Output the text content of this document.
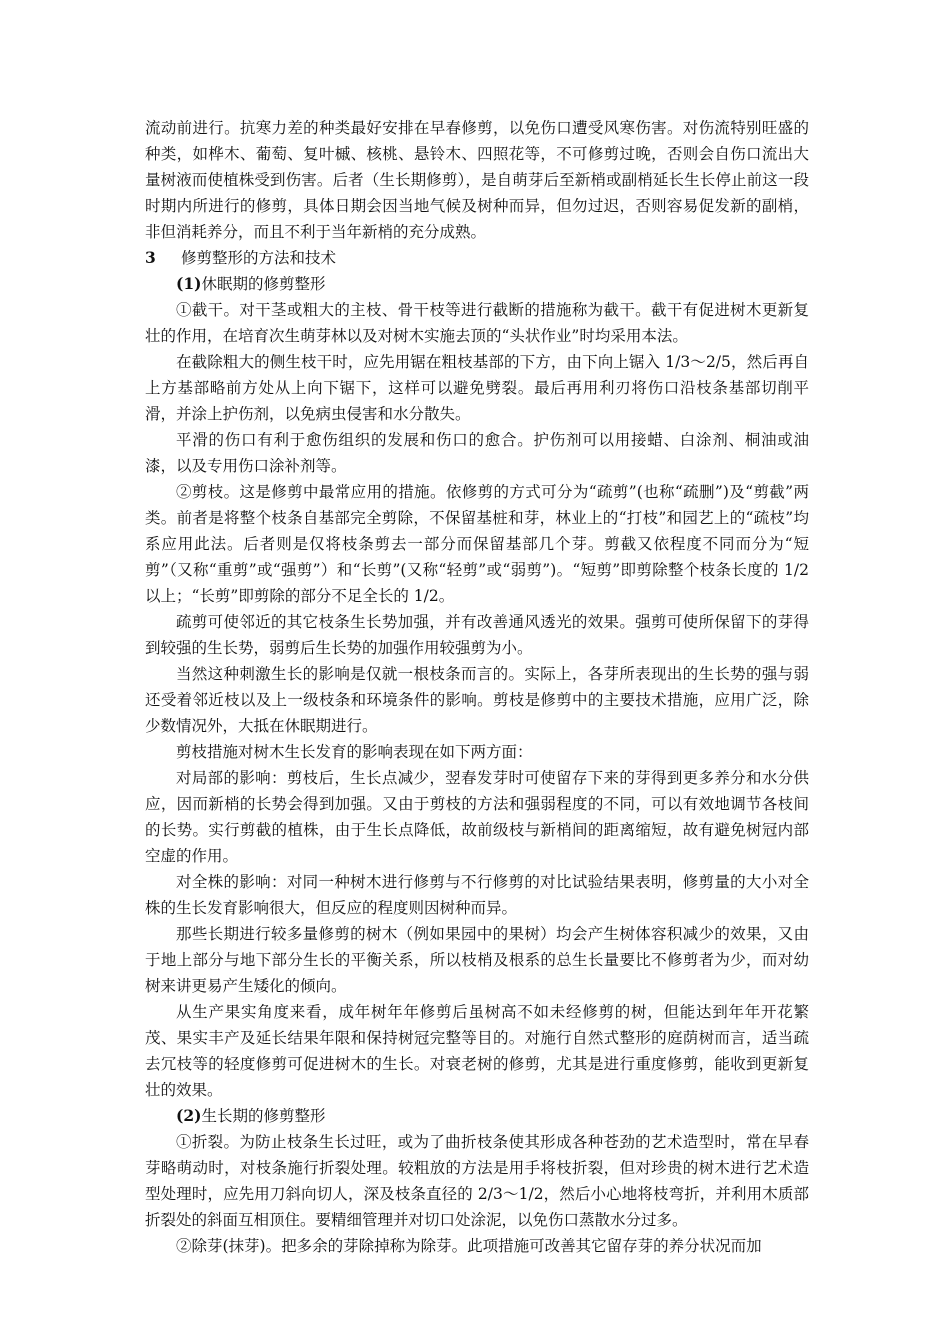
流动前进行。抗寒力差的种类最好安排在早春修剪，以免伤口遭受风寒伤害。对伤流特别旺盛的种类，如桦木、葡萄、复叶槭、核桃、悬铃木、四照花等，不可修剪过晚，否则会自伤口流出大量树液而使植株受到伤害。后者（生长期修剪），是自萌芽后至新梢或副梢延长生长停止前这一段时期内所进行的修剪，具体日期会因当地气候及树种而异，但勿过迟，否则容易促发新的副梢，非但消耗养分，而且不利于当年新梢的充分成熟。

3	修剪整形的方法和技术

(1)休眠期的修剪整形

①截干。对干茎或粗大的主枝、骨干枝等进行截断的措施称为截干。截干有促进树木更新复壮的作用，在培育次生萌芽林以及对树木实施去顶的“头状作业”时均采用本法。

在截除粗大的侧生枝干时，应先用锯在粗枝基部的下方，由下向上锯入 1/3～2/5，然后再自上方基部略前方处从上向下锯下，这样可以避免劈裂。最后再用利刃将伤口沿枝条基部切削平滑，并涂上护伤剂，以免病虫侵害和水分散失。

平滑的伤口有利于愈伤组织的发展和伤口的愈合。护伤剂可以用接蜡、白涂剂、桐油或油漆，以及专用伤口涂补剂等。

②剪枝。这是修剪中最常应用的措施。依修剪的方式可分为“疏剪”(也称“疏删”)及“剪截”两类。前者是将整个枝条自基部完全剪除，不保留基桩和芽，林业上的“打枝”和园艺上的“疏枝”均系应用此法。后者则是仅将枝条剪去一部分而保留基部几个芽。剪截又依程度不同而分为“短剪”（又称“重剪”或“强剪”）和“长剪”(又称“轻剪”或“弱剪”)。“短剪”即剪除整个枝条长度的 1/2 以上；“长剪”即剪除的部分不足全长的 1/2。

疏剪可使邻近的其它枝条生长势加强，并有改善通风透光的效果。强剪可使所保留下的芽得到较强的生长势，弱剪后生长势的加强作用较强剪为小。

当然这种刺激生长的影响是仅就一根枝条而言的。实际上，各芽所表现出的生长势的强与弱还受着邻近枝以及上一级枝条和环境条件的影响。剪枝是修剪中的主要技术措施，应用广泛，除少数情况外，大抵在休眠期进行。

剪枝措施对树木生长发育的影响表现在如下两方面：

对局部的影响：剪枝后，生长点减少，翌春发芽时可使留存下来的芽得到更多养分和水分供应，因而新梢的长势会得到加强。又由于剪枝的方法和强弱程度的不同，可以有效地调节各枝间的长势。实行剪截的植株，由于生长点降低，故前级枝与新梢间的距离缩短，故有避免树冠内部空虚的作用。

对全株的影响：对同一种树木进行修剪与不行修剪的对比试验结果表明，修剪量的大小对全株的生长发育影响很大，但反应的程度则因树种而异。

那些长期进行较多量修剪的树木（例如果园中的果树）均会产生树体容积减少的效果，又由于地上部分与地下部分生长的平衡关系，所以枝梢及根系的总生长量要比不修剪者为少，而对幼树来讲更易产生矮化的倾向。

从生产果实角度来看，成年树年年修剪后虽树高不如未经修剪的树，但能达到年年开花繁茂、果实丰产及延长结果年限和保持树冠完整等目的。对施行自然式整形的庭荫树而言，适当疏去冗枝等的轻度修剪可促进树木的生长。对衰老树的修剪，尤其是进行重度修剪，能收到更新复壮的效果。

(2)生长期的修剪整形

①折裂。为防止枝条生长过旺，或为了曲折枝条使其形成各种苍劲的艺术造型时，常在早春芽略萌动时，对枝条施行折裂处理。较粗放的方法是用手将枝折裂，但对珍贵的树木进行艺术造型处理时，应先用刀斜向切人，深及枝条直径的 2/3～1/2，然后小心地将枝弯折，并利用木质部折裂处的斜面互相顶住。要精细管理并对切口处涂泥，以免伤口蒸散水分过多。

②除芽(抹芽)。把多余的芽除掉称为除芽。此项措施可改善其它留存芽的养分状况而加
